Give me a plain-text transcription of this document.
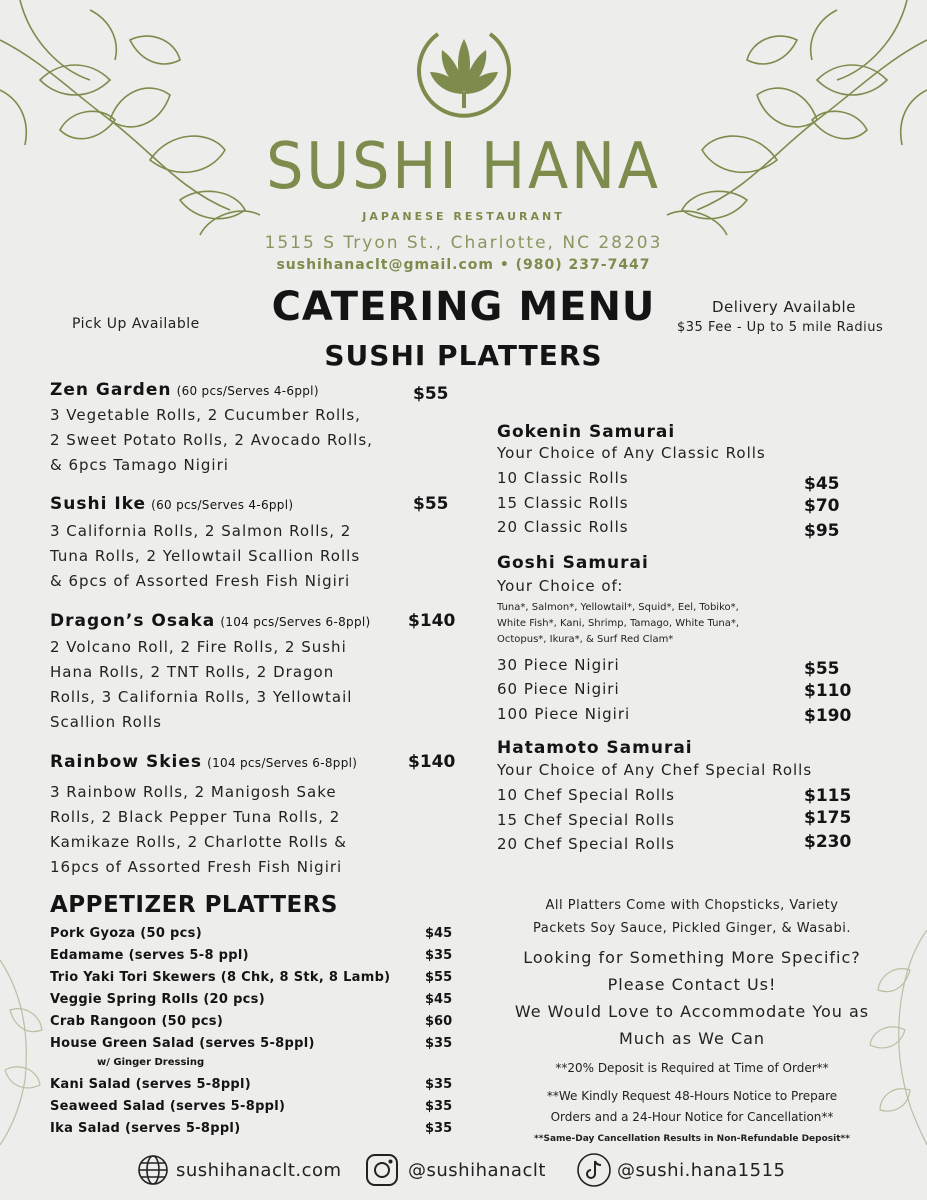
SUSHI HANA
JAPANESE RESTAURANT
1515 S Tryon St., Charlotte, NC 28203
sushihanaclt@gmail.com • (980) 237-7447
CATERING MENU
Pick Up Available
Delivery Available
$35 Fee - Up to 5 mile Radius
SUSHI PLATTERS
Zen Garden (60 pcs/Serves 4-6ppl)	$55
3 Vegetable Rolls, 2 Cucumber Rolls,
2 Sweet Potato Rolls, 2 Avocado Rolls,
& 6pcs Tamago Nigiri
Sushi Ike (60 pcs/Serves 4-6ppl)	$55
3 California Rolls, 2 Salmon Rolls, 2
Tuna Rolls, 2 Yellowtail Scallion Rolls
& 6pcs of Assorted Fresh Fish Nigiri
Dragon’s Osaka (104 pcs/Serves 6-8ppl) $140
2 Volcano Roll, 2 Fire Rolls, 2 Sushi
Hana Rolls, 2 TNT Rolls, 2 Dragon
Rolls, 3 California Rolls, 3 Yellowtail
Scallion Rolls
Rainbow Skies (104 pcs/Serves 6-8ppl)	$140
3 Rainbow Rolls, 2 Manigosh Sake
Rolls, 2 Black Pepper Tuna Rolls, 2
Kamikaze Rolls, 2 Charlotte Rolls &
16pcs of Assorted Fresh Fish Nigiri
Gokenin Samurai
Your Choice of Any Classic Rolls
10 Classic Rolls	$45
15 Classic Rolls	$70
20 Classic Rolls	$95
Goshi Samurai
Your Choice of:
Tuna*, Salmon*, Yellowtail*, Squid*, Eel, Tobiko*,
White Fish*, Kani, Shrimp, Tamago, White Tuna*,
Octopus*, Ikura*, & Surf Red Clam*
30 Piece Nigiri	$55
60 Piece Nigiri	$110
100 Piece Nigiri	$190
Hatamoto Samurai
Your Choice of Any Chef Special Rolls
10 Chef Special Rolls	$115
15 Chef Special Rolls	$175
20 Chef Special Rolls	$230
APPETIZER PLATTERS
Pork Gyoza (50 pcs)	$45
Edamame (serves 5-8 ppl)	$35
Trio Yaki Tori Skewers (8 Chk, 8 Stk, 8 Lamb)	$55
Veggie Spring Rolls (20 pcs)	$45
Crab Rangoon (50 pcs)	$60
House Green Salad (serves 5-8ppl)	$35
w/ Ginger Dressing
Kani Salad (serves 5-8ppl)	$35
Seaweed Salad (serves 5-8ppl)	$35
Ika Salad (serves 5-8ppl)	$35
All Platters Come with Chopsticks, Variety
Packets Soy Sauce, Pickled Ginger, & Wasabi.
Looking for Something More Specific?
Please Contact Us!
We Would Love to Accommodate You as
Much as We Can
**20% Deposit is Required at Time of Order**
**We Kindly Request 48-Hours Notice to Prepare
Orders and a 24-Hour Notice for Cancellation**
**Same-Day Cancellation Results in Non-Refundable Deposit**
sushihanaclt.com	@sushihanaclt	@sushi.hana1515
